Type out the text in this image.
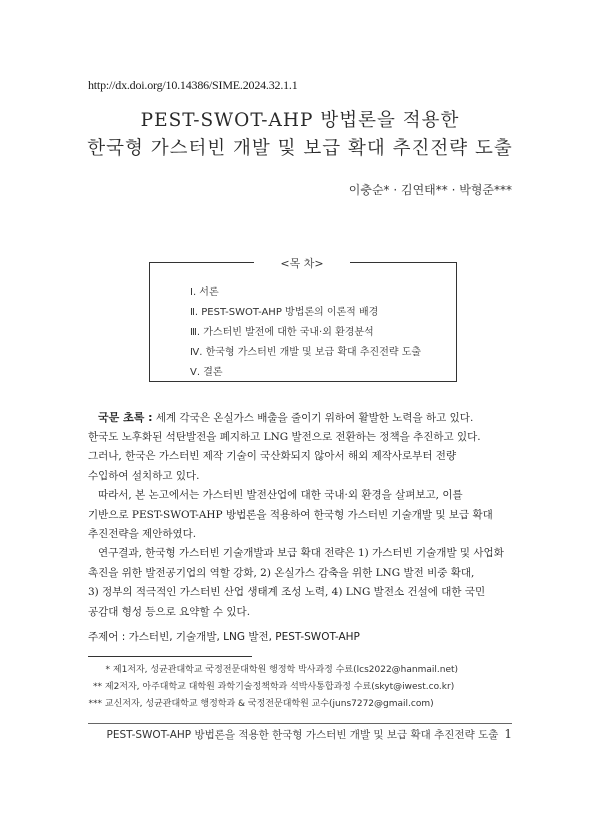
http://dx.doi.org/10.14386/SIME.2024.32.1.1
PEST-SWOT-AHP 방법론을 적용한
한국형 가스터빈 개발 및 보급 확대 추진전략 도출
이충순* · 김연태** · 박형준***
<목 차>
Ⅰ. 서론
Ⅱ. PEST-SWOT-AHP 방법론의 이론적 배경
Ⅲ. 가스터빈 발전에 대한 국내·외 환경분석
Ⅳ. 한국형 가스터빈 개발 및 보급 확대 추진전략 도출
Ⅴ. 결론
국문 초록 : 세계 각국은 온실가스 배출을 줄이기 위하여 활발한 노력을 하고 있다.
한국도 노후화된 석탄발전을 폐지하고 LNG 발전으로 전환하는 정책을 추진하고 있다.
그러나, 한국은 가스터빈 제작 기술이 국산화되지 않아서 해외 제작사로부터 전량
수입하여 설치하고 있다.
따라서, 본 논고에서는 가스터빈 발전산업에 대한 국내·외 환경을 살펴보고, 이를
기반으로 PEST-SWOT-AHP 방법론을 적용하여 한국형 가스터빈 기술개발 및 보급 확대
추진전략을 제안하였다.
연구결과, 한국형 가스터빈 기술개발과 보급 확대 전략은 1) 가스터빈 기술개발 및 사업화
촉진을 위한 발전공기업의 역할 강화, 2) 온실가스 감축을 위한 LNG 발전 비중 확대,
3) 정부의 적극적인 가스터빈 산업 생태계 조성 노력, 4) LNG 발전소 건설에 대한 국민
공감대 형성 등으로 요약할 수 있다.
주제어 : 가스터빈, 기술개발, LNG 발전, PEST-SWOT-AHP
* 제1저자, 성균관대학교 국정전문대학원 행정학 박사과정 수료(lcs2022@hanmail.net)
** 제2저자, 아주대학교 대학원 과학기술정책학과 석박사통합과정 수료(skyt@iwest.co.kr)
*** 교신저자, 성균관대학교 행정학과 & 국정전문대학원 교수(juns7272@gmail.com)
PEST-SWOT-AHP 방법론을 적용한 한국형 가스터빈 개발 및 보급 확대 추진전략 도출 1
